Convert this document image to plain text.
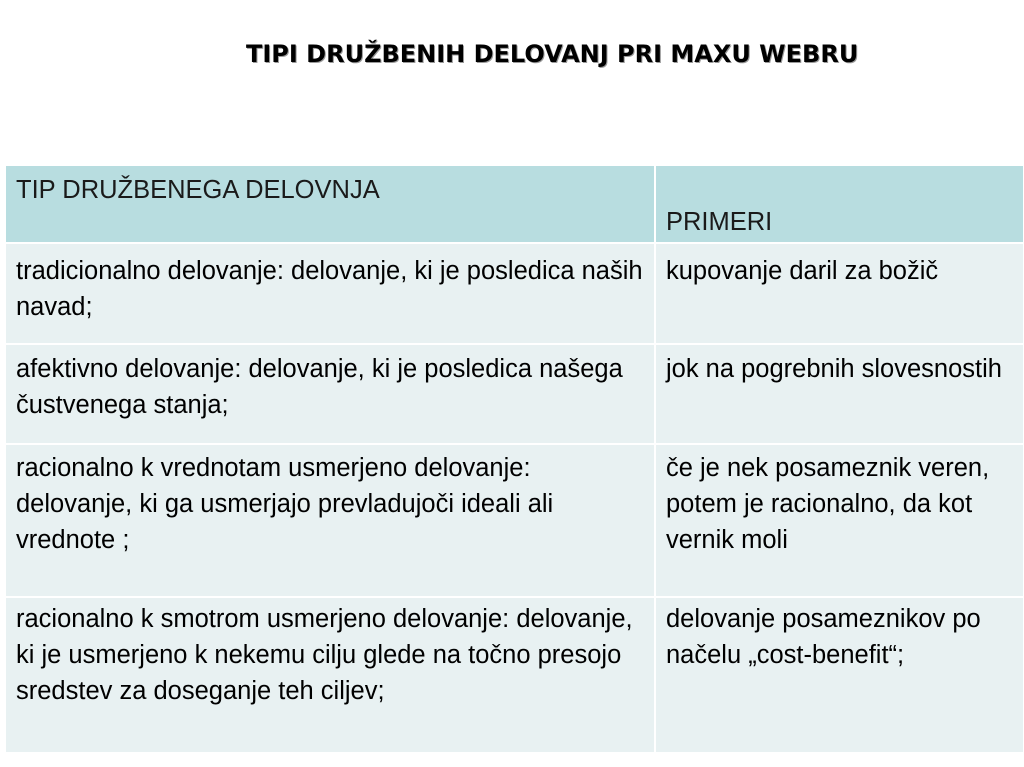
TIPI DRUŽBENIH DELOVANJ PRI MAXU WEBRU
TIP DRUŽBENEGA DELOVNJA
PRIMERI
tradicionalno delovanje: delovanje, ki je posledica naših navad;
kupovanje daril za božič
afektivno delovanje: delovanje, ki je posledica našega čustvenega stanja;
jok na pogrebnih slovesnostih
racionalno k vrednotam usmerjeno delovanje: delovanje, ki ga usmerjajo prevladujoči ideali ali vrednote ;
če je nek posameznik veren, potem je racionalno, da kot vernik moli
racionalno k smotrom usmerjeno delovanje: delovanje, ki je usmerjeno k nekemu cilju glede na točno presojo sredstev za doseganje teh ciljev;
delovanje posameznikov po načelu „cost-benefit“;
